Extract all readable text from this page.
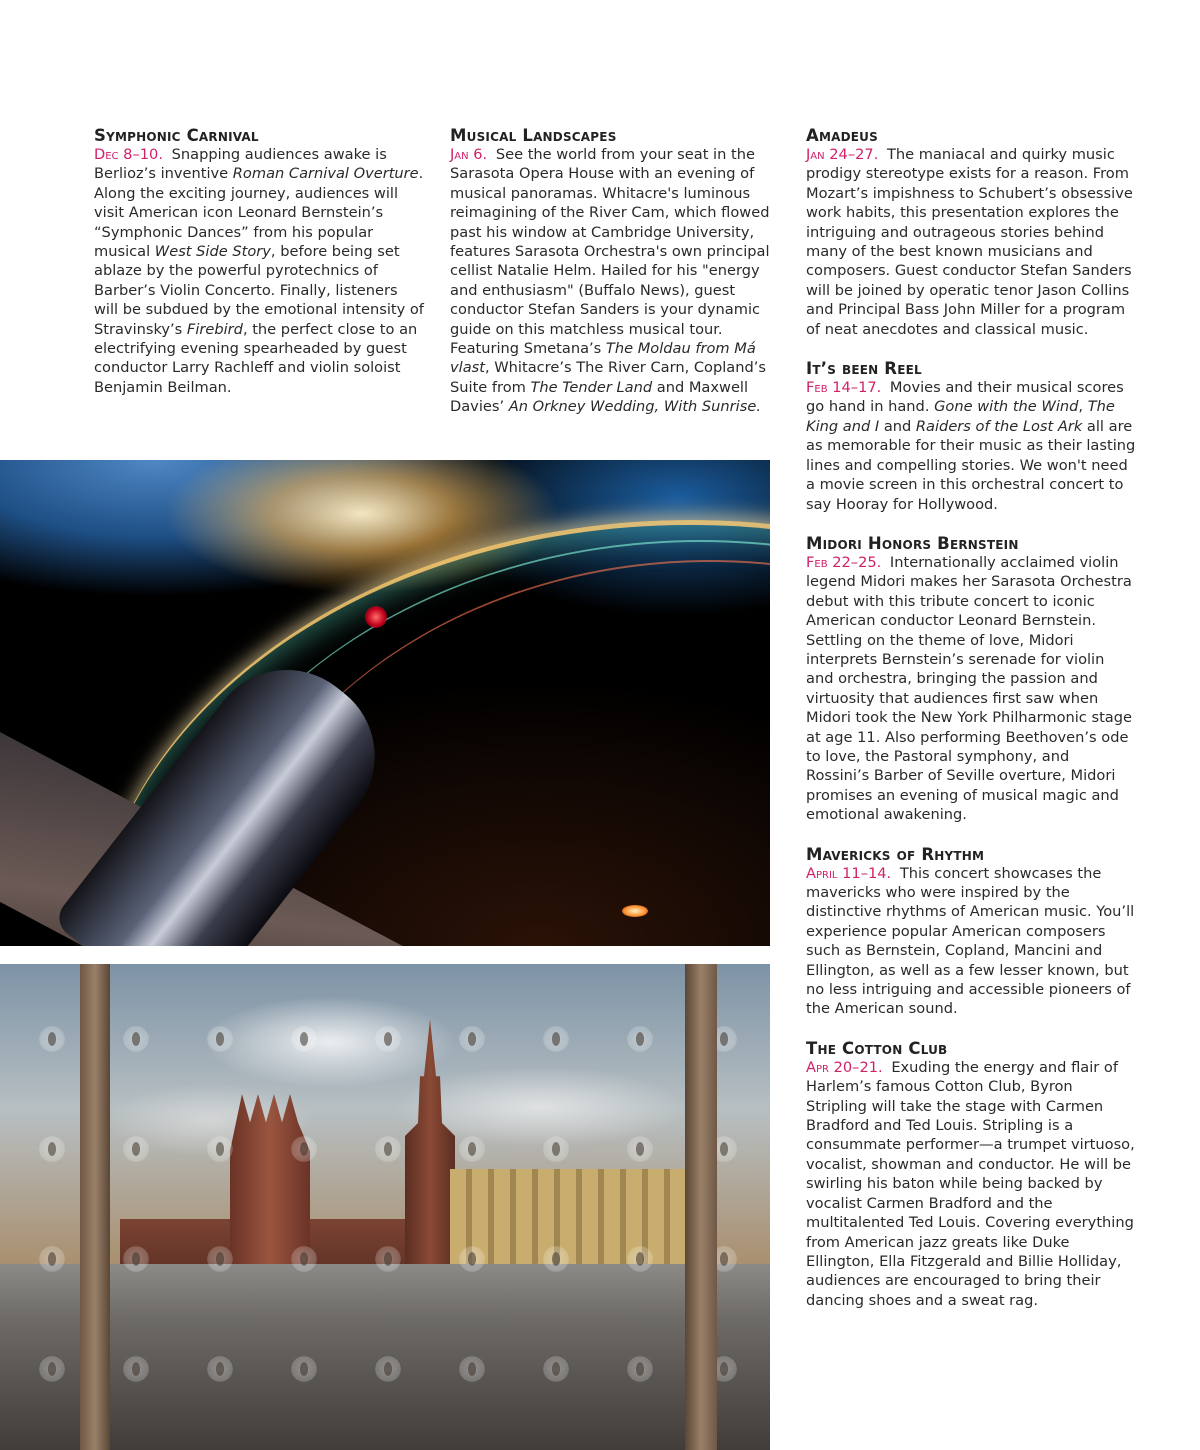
Symphonic Carnival

Dec 8–10. Snapping audiences awake is Berlioz’s inventive Roman Carnival Overture. Along the exciting journey, audiences will visit American icon Leonard Bernstein’s “Symphonic Dances” from his popular musical West Side Story, before being set ablaze by the powerful pyrotechnics of Barber’s Violin Concerto. Finally, listeners will be subdued by the emotional intensity of Stravinsky’s Firebird, the perfect close to an electrifying evening spearheaded by guest conductor Larry Rachleff and violin soloist Benjamin Beilman.

Musical Landscapes

Jan 6. See the world from your seat in the Sarasota Opera House with an evening of musical panoramas. Whitacre's luminous reimagining of the River Cam, which flowed past his window at Cambridge University, features Sarasota Orchestra's own principal cellist Natalie Helm. Hailed for his "energy and enthusiasm" (Buffalo News), guest conductor Stefan Sanders is your dynamic guide on this matchless musical tour. Featuring Smetana’s The Moldau from Má vlast, Whitacre’s The River Carn, Copland’s Suite from The Tender Land and Maxwell Davies’ An Orkney Wedding, With Sunrise.

Amadeus

Jan 24–27. The maniacal and quirky music prodigy stereotype exists for a reason. From Mozart’s impishness to Schubert’s obsessive work habits, this presentation explores the intriguing and outrageous stories behind many of the best known musicians and composers. Guest conductor Stefan Sanders will be joined by operatic tenor Jason Collins and Principal Bass John Miller for a program of neat anecdotes and classical music.

It’s been Reel

Feb 14–17. Movies and their musical scores go hand in hand. Gone with the Wind, The King and I and Raiders of the Lost Ark all are as memorable for their music as their lasting lines and compelling stories. We won't need a movie screen in this orchestral concert to say Hooray for Hollywood.

Midori Honors Bernstein

Feb 22–25. Internationally acclaimed violin legend Midori makes her Sarasota Orchestra debut with this tribute concert to iconic American conductor Leonard Bernstein. Settling on the theme of love, Midori interprets Bernstein’s serenade for violin and orchestra, bringing the passion and virtuosity that audiences first saw when Midori took the New York Philharmonic stage at age 11. Also performing Beethoven’s ode to love, the Pastoral symphony, and Rossini’s Barber of Seville overture, Midori promises an evening of musical magic and emotional awakening.

Mavericks of Rhythm

April 11–14. This concert showcases the mavericks who were inspired by the distinctive rhythms of American music. You’ll experience popular American composers such as Bernstein, Copland, Mancini and Ellington, as well as a few lesser known, but no less intriguing and accessible pioneers of the American sound.

The Cotton Club

Apr 20–21. Exuding the energy and flair of Harlem’s famous Cotton Club, Byron Stripling will take the stage with Carmen Bradford and Ted Louis. Stripling is a consummate performer—a trumpet virtuoso, vocalist, showman and conductor. He will be swirling his baton while being backed by vocalist Carmen Bradford and the multitalented Ted Louis. Covering everything from American jazz greats like Duke Ellington, Ella Fitzgerald and Billie Holliday, audiences are encouraged to bring their dancing shoes and a sweat rag.
